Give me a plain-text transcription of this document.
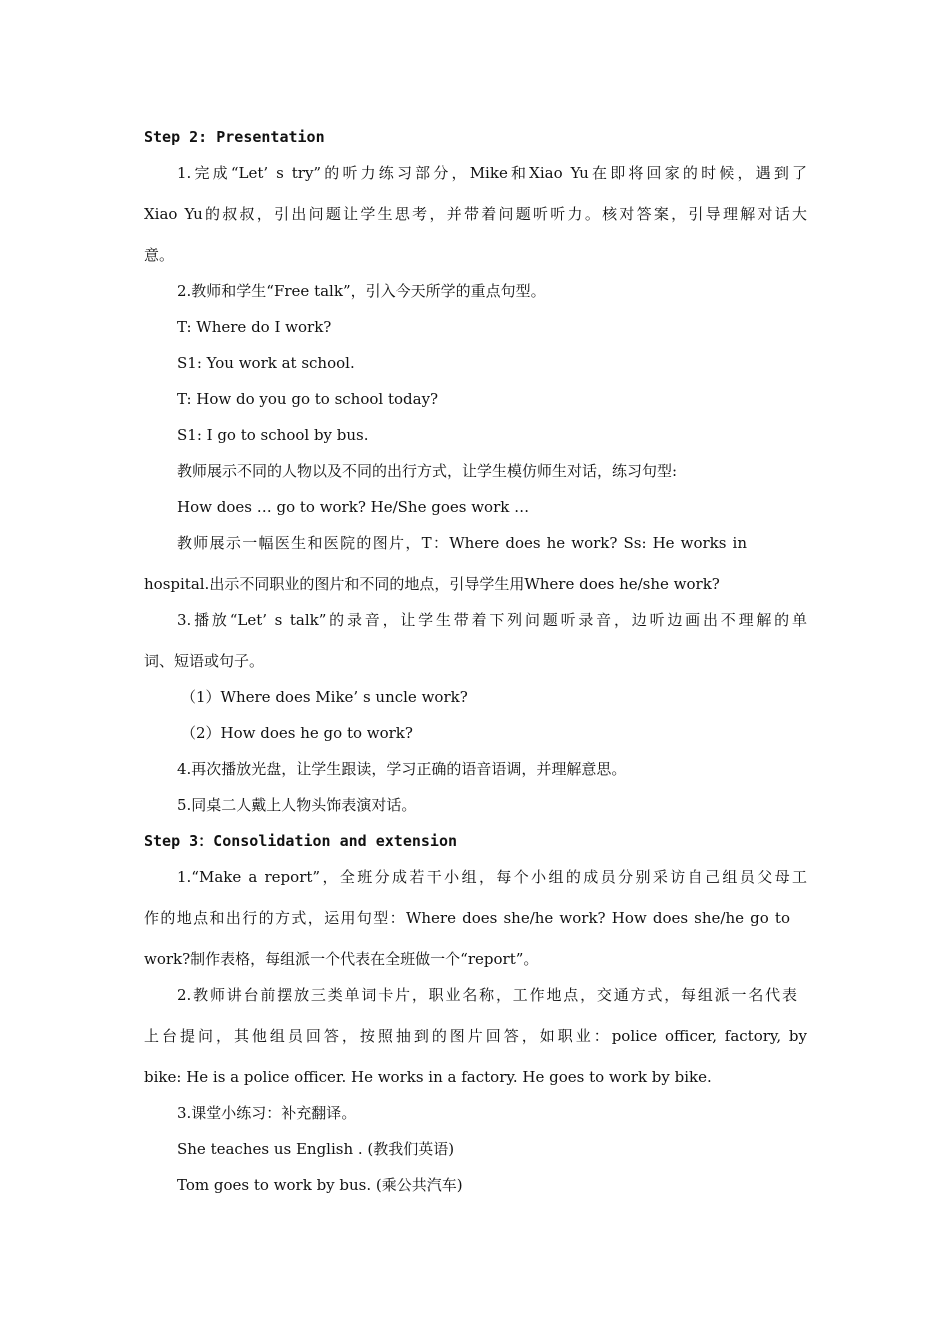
Step 2: Presentation
1.完成“Let’ s try”的听力练习部分，Mike和Xiao Yu在即将回家的时候，遇到了
Xiao Yu的叔叔，引出问题让学生思考，并带着问题听听力。核对答案，引导理解对话大
意。
2.教师和学生“Free talk”，引入今天所学的重点句型。
T: Where do I work?
S1: You work at school.
T: How do you go to school today?
S1: I go to school by bus.
教师展示不同的人物以及不同的出行方式，让学生模仿师生对话，练习句型:
How does … go to work? He/She goes work …
教师展示一幅医生和医院的图片，T：Where does he work? Ss: He works in
hospital.出示不同职业的图片和不同的地点，引导学生用Where does he/she work?
3.播放“Let’ s talk”的录音，让学生带着下列问题听录音，边听边画出不理解的单
词、短语或句子。
（1）Where does Mike’ s uncle work?
（2）How does he go to work?
4.再次播放光盘，让学生跟读，学习正确的语音语调，并理解意思。
5.同桌二人戴上人物头饰表演对话。
Step 3：Consolidation and extension
1.“Make a report”，全班分成若干小组，每个小组的成员分别采访自己组员父母工
作的地点和出行的方式，运用句型：Where does she/he work? How does she/he go to
work?制作表格，每组派一个代表在全班做一个“report”。
2.教师讲台前摆放三类单词卡片，职业名称，工作地点，交通方式，每组派一名代表
上台提问，其他组员回答，按照抽到的图片回答，如职业：police officer, factory, by
bike: He is a police officer. He works in a factory. He goes to work by bike.
3.课堂小练习：补充翻译。
She teaches us English . (教我们英语)
Tom goes to work by bus. (乘公共汽车)
